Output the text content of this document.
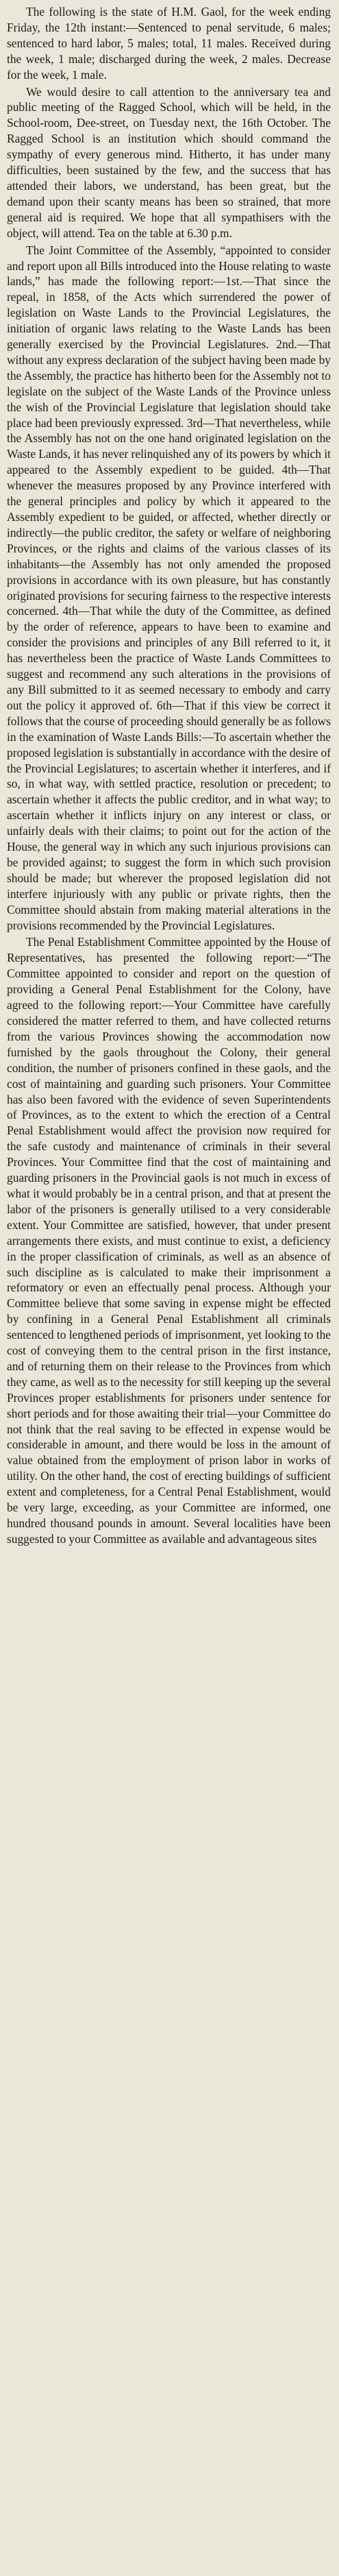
The following is the state of H.M. Gaol, for the week ending Friday, the 12th instant:—Sentenced to penal servitude, 6 males; sentenced to hard labor, 5 males; total, 11 males. Received during the week, 1 male; discharged during the week, 2 males. Decrease for the week, 1 male.

We would desire to call attention to the anniversary tea and public meeting of the Ragged School, which will be held, in the School-room, Dee-street, on Tuesday next, the 16th October. The Ragged School is an institution which should command the sympathy of every generous mind. Hitherto, it has under many difficulties, been sustained by the few, and the success that has attended their labors, we understand, has been great, but the demand upon their scanty means has been so strained, that more general aid is required. We hope that all sympathisers with the object, will attend. Tea on the table at 6.30 p.m.

The Joint Committee of the Assembly, “appointed to consider and report upon all Bills introduced into the House relating to waste lands,” has made the following report:—1st.—That since the repeal, in 1858, of the Acts which surrendered the power of legislation on Waste Lands to the Provincial Legislatures, the initiation of organic laws relating to the Waste Lands has been generally exercised by the Provincial Legislatures. 2nd.—That without any express declaration of the subject having been made by the Assembly, the practice has hitherto been for the Assembly not to legislate on the subject of the Waste Lands of the Province unless the wish of the Provincial Legislature that legislation should take place had been previously expressed. 3rd—That nevertheless, while the Assembly has not on the one hand originated legislation on the Waste Lands, it has never relinquished any of its powers by which it appeared to the Assembly expedient to be guided. 4th—That whenever the measures proposed by any Province interfered with the general principles and policy by which it appeared to the Assembly expedient to be guided, or affected, whether directly or indirectly—the public creditor, the safety or welfare of neighboring Provinces, or the rights and claims of the various classes of its inhabitants—the Assembly has not only amended the proposed provisions in accordance with its own pleasure, but has constantly originated provisions for securing fairness to the respective interests concerned. 4th—That while the duty of the Committee, as defined by the order of reference, appears to have been to examine and consider the provisions and principles of any Bill referred to it, it has nevertheless been the practice of Waste Lands Committees to suggest and recommend any such alterations in the provisions of any Bill submitted to it as seemed necessary to embody and carry out the policy it approved of. 6th—That if this view be correct it follows that the course of proceeding should generally be as follows in the examination of Waste Lands Bills:—To ascertain whether the proposed legislation is substantially in accordance with the desire of the Provincial Legislatures; to ascertain whether it interferes, and if so, in what way, with settled practice, resolution or precedent; to ascertain whether it affects the public creditor, and in what way; to ascertain whether it inflicts injury on any interest or class, or unfairly deals with their claims; to point out for the action of the House, the general way in which any such injurious provisions can be provided against; to suggest the form in which such provision should be made; but wherever the proposed legislation did not interfere injuriously with any public or private rights, then the Committee should abstain from making material alterations in the provisions recommended by the Provincial Legislatures.

The Penal Establishment Committee appointed by the House of Representatives, has presented the following report:—“The Committee appointed to consider and report on the question of providing a General Penal Establishment for the Colony, have agreed to the following report:—Your Committee have carefully considered the matter referred to them, and have collected returns from the various Provinces showing the accommodation now furnished by the gaols throughout the Colony, their general condition, the number of prisoners confined in these gaols, and the cost of maintaining and guarding such prisoners. Your Committee has also been favored with the evidence of seven Superintendents of Provinces, as to the extent to which the erection of a Central Penal Establishment would affect the provision now required for the safe custody and maintenance of criminals in their several Provinces. Your Committee find that the cost of maintaining and guarding prisoners in the Provincial gaols is not much in excess of what it would probably be in a central prison, and that at present the labor of the prisoners is generally utilised to a very considerable extent. Your Committee are satisfied, however, that under present arrangements there exists, and must continue to exist, a deficiency in the proper classification of criminals, as well as an absence of such discipline as is calculated to make their imprisonment a reformatory or even an effectually penal process. Although your Committee believe that some saving in expense might be effected by confining in a General Penal Establishment all criminals sentenced to lengthened periods of imprisonment, yet looking to the cost of conveying them to the central prison in the first instance, and of returning them on their release to the Provinces from which they came, as well as to the necessity for still keeping up the several Provinces proper establishments for prisoners under sentence for short periods and for those awaiting their trial—your Committee do not think that the real saving to be effected in expense would be considerable in amount, and there would be loss in the amount of value obtained from the employment of prison labor in works of utility. On the other hand, the cost of erecting buildings of sufficient extent and completeness, for a Central Penal Establishment, would be very large, exceeding, as your Committee are informed, one hundred thousand pounds in amount. Several localities have been suggested to your Committee as available and advantageous sites
